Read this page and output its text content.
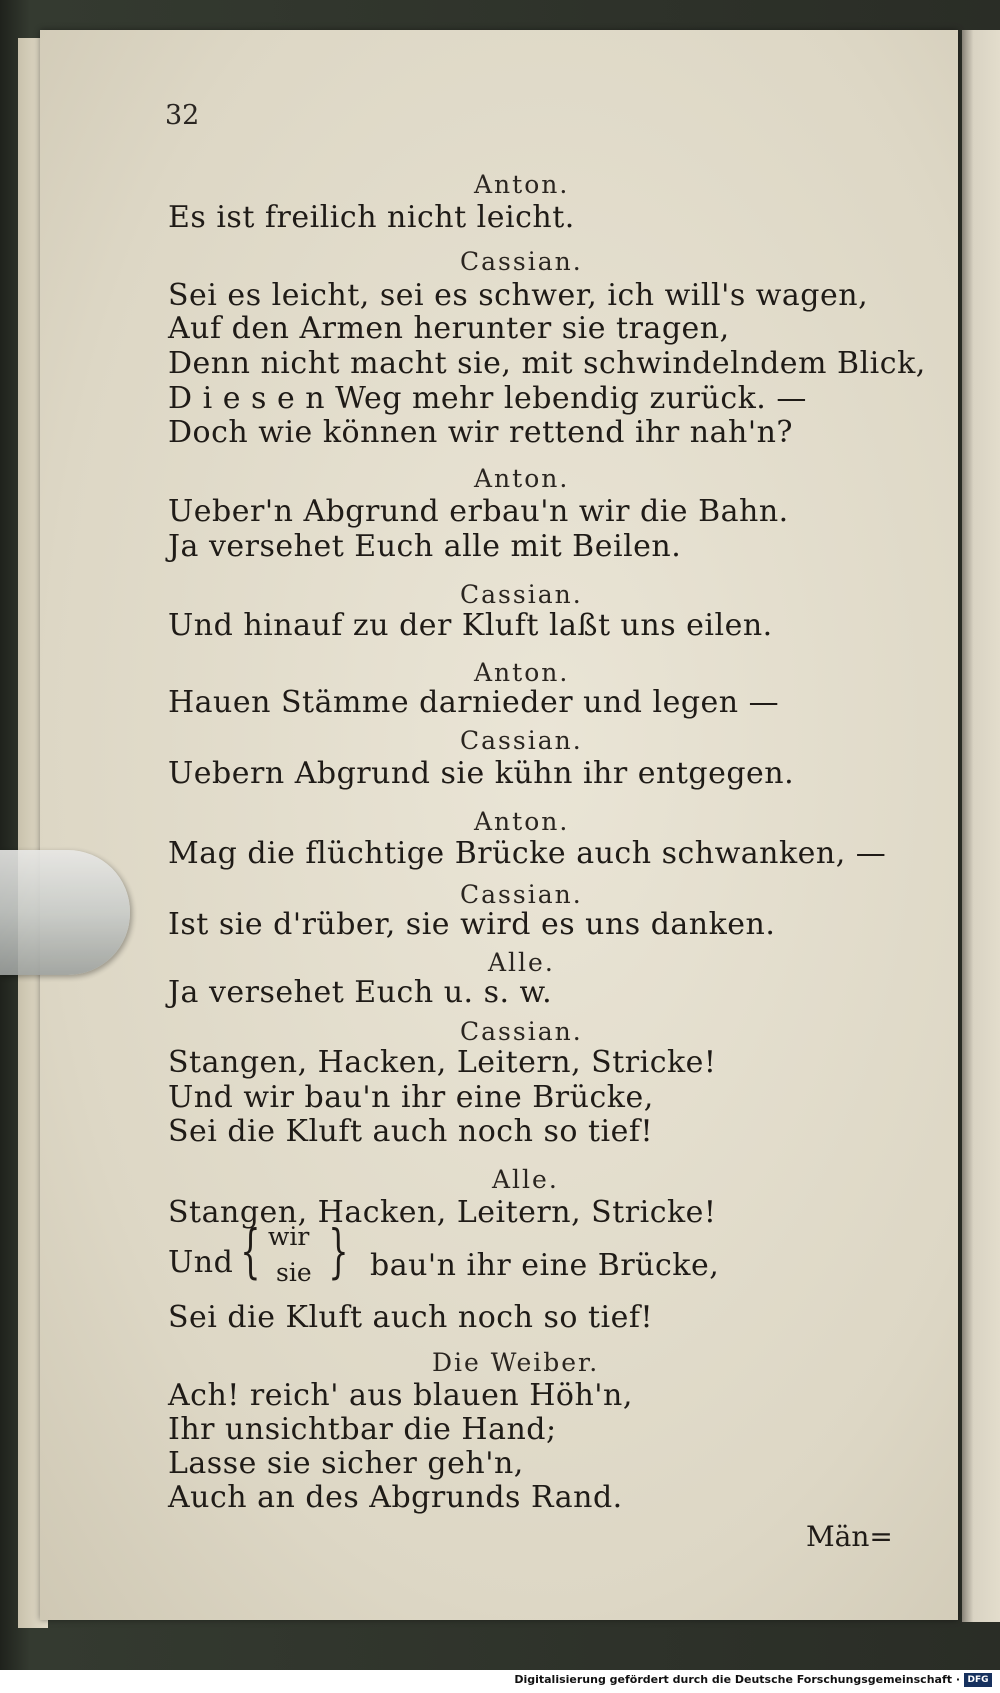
32
Anton.
Es ist freilich nicht leicht.
Cassian.
Sei es leicht, sei es schwer, ich will's wagen,
Auf den Armen herunter sie tragen,
Denn nicht macht sie, mit schwindelndem Blick,
D i e s e n Weg mehr lebendig zurück. —
Doch wie können wir rettend ihr nah'n?
Anton.
Ueber'n Abgrund erbau'n wir die Bahn.
Ja versehet Euch alle mit Beilen.
Cassian.
Und hinauf zu der Kluft laßt uns eilen.
Anton.
Hauen Stämme darnieder und legen —
Cassian.
Uebern Abgrund sie kühn ihr entgegen.
Anton.
Mag die flüchtige Brücke auch schwanken, —
Cassian.
Ist sie d'rüber, sie wird es uns danken.
Alle.
Ja versehet Euch u. s. w.
Cassian.
Stangen, Hacken, Leitern, Stricke!
Und wir bau'n ihr eine Brücke,
Sei die Kluft auch noch so tief!
Alle.
Stangen, Hacken, Leitern, Stricke!
Und { wir
sie } bau'n ihr eine Brücke,
Sei die Kluft auch noch so tief!
Die Weiber.
Ach! reich' aus blauen Höh'n,
Ihr unsichtbar die Hand;
Lasse sie sicher geh'n,
Auch an des Abgrunds Rand.
Män=
Digitalisierung gefördert durch die Deutsche Forschungsgemeinschaft · DFG
